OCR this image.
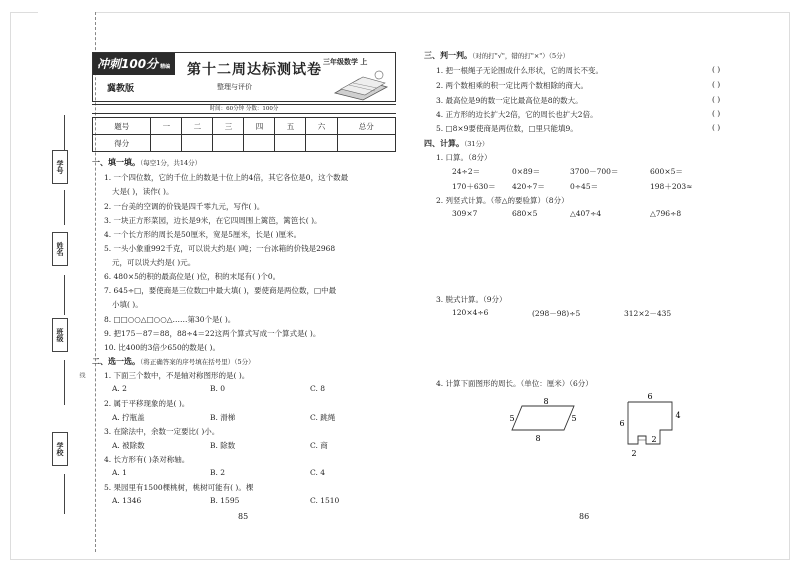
学号
姓名
班级
线
学校
冲刺100分 精编测试卷
冀教版
第十二周达标测试卷
整理与评价
三年级数学 上
时间：60分钟 分数：100分
题号	一	二	三	四	五	六	总分
得分							
一、填一填。（每空1分，共14分）
1. 一个四位数，它的千位上的数是十位上的4倍，其它各位是0，这个数最
大是( )，读作( )。
2. 一台美的空调的价钱是四千零九元，写作( )。
3. 一块正方形菜园，边长是9米，在它四周围上篱笆，篱笆长( )。
4. 一个长方形的周长是50厘米，宽是5厘米，长是( )厘米。
5. 一头小象重992千克，可以说大约是( )吨；一台冰箱的价钱是2968
元，可以说大约是( )元。
6. 480×5的积的最高位是( )位，积的末尾有( )个0。
7. 645÷□，要使商是三位数□中最大填( )，要使商是两位数，□中最
小填( )。
8. □□○○△□○○△……第30个是( )。
9. 把175－87＝88，88÷4＝22这两个算式写成一个算式是( )。
10. 比400的3倍少650的数是( )。
二、选一选。（将正确答案的序号填在括号里）（5分）
1. 下面三个数中，不是轴对称图形的是( )。
A. 2	B. 0	C. 8
2. 属于平移现象的是( )。
A. 拧瓶盖	B. 滑梯	C. 跳绳
3. 在除法中，余数一定要比( )小。
A. 被除数	B. 除数	C. 商
4. 长方形有( )条对称轴。
A. 1	B. 2	C. 4
5. 果园里有1500棵桃树，桃树可能有( )。棵
A. 1346	B. 1595	C. 1510
85
三、判一判。（对的打"√"，错的打"×"）（5分）
1. 把一根绳子无论围成什么形状，它的周长不变。	( )
2. 两个数相乘的积一定比两个数相除的商大。	( )
3. 最高位是9的数一定比最高位是8的数大。	( )
4. 正方形的边长扩大2倍，它的周长也扩大2倍。	( )
5. □8×9要使商是两位数，□里只能填9。	( )
四、计算。（31分）
1. 口算。（8分）
24÷2＝	0×89＝	3700－700＝	600×5＝
170＋630＝ 420÷7＝	0÷45＝	198＋203≈
2. 列竖式计算。（带△的要验算）（8分）
309×7	680×5	△407÷4	△796÷8
3. 脱式计算。（9分）
120×4÷6	(298－98)÷5	312×2－435
4. 计算下面图形的周长。（单位：厘米）（6分）
8
5	5
8
6
4
6
2
2
86
